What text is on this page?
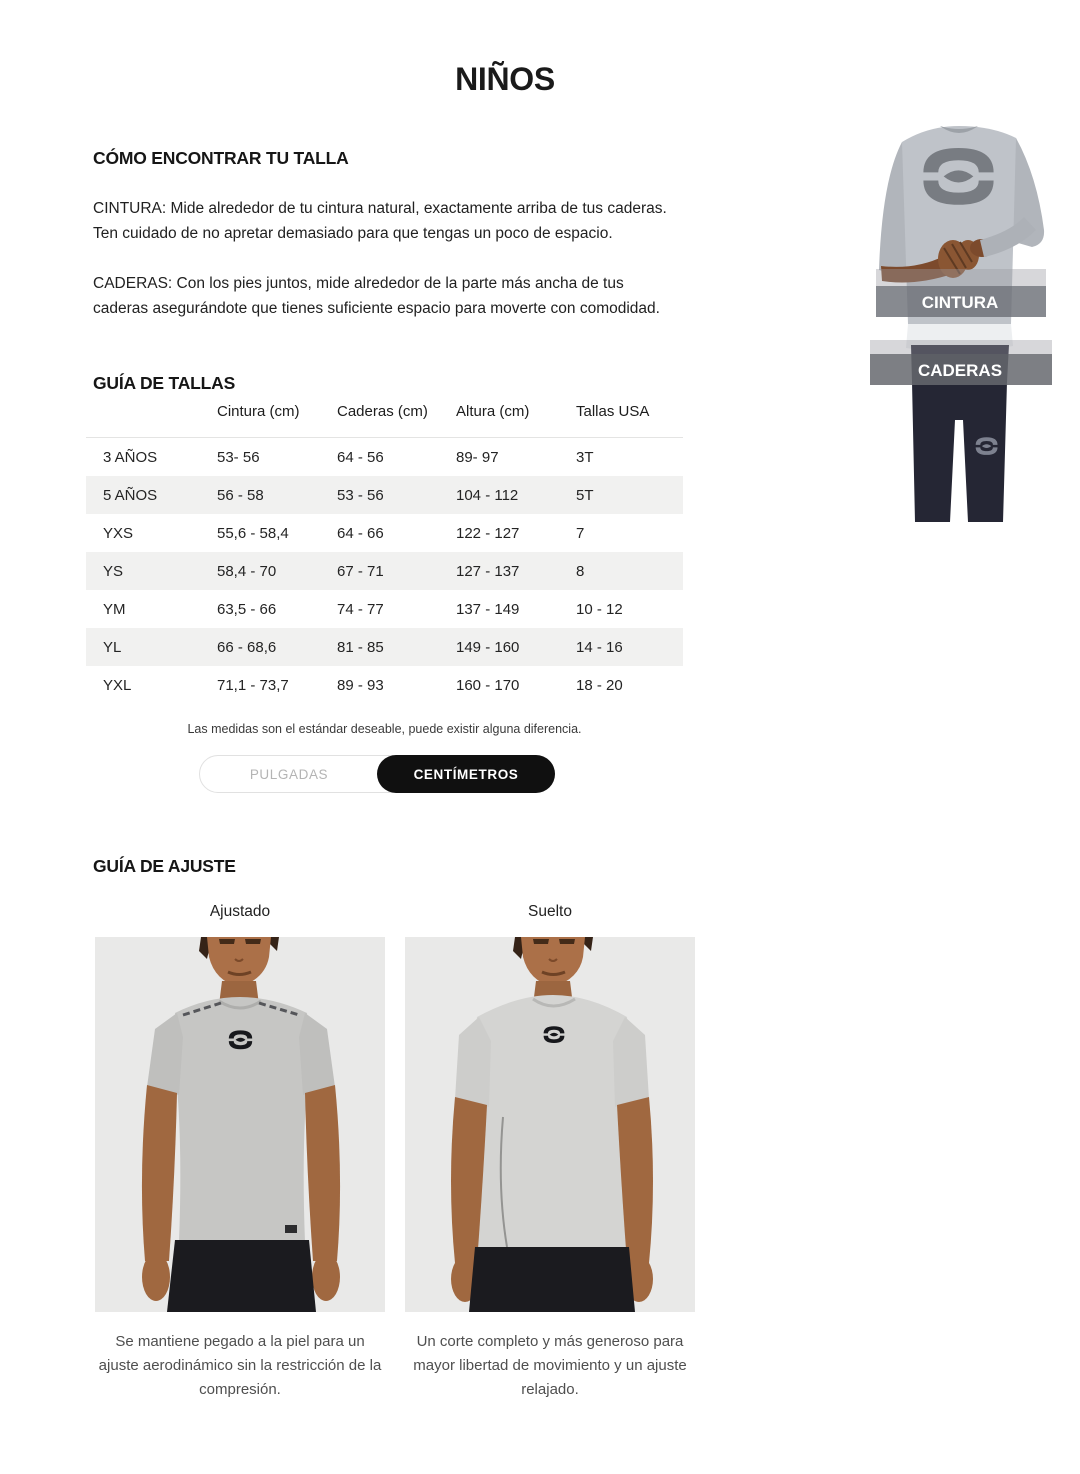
NIÑOS
CÓMO ENCONTRAR TU TALLA

CINTURA: Mide alrededor de tu cintura natural, exactamente arriba de tus caderas. Ten cuidado de no apretar demasiado para que tengas un poco de espacio.

CADERAS: Con los pies juntos, mide alrededor de la parte más ancha de tus caderas asegurándote que tienes suficiente espacio para moverte con comodidad.	CINTURA
CADERAS
GUÍA DE TALLAS
	Cintura (cm)	Caderas (cm)	Altura (cm)	Tallas USA
3 AÑOS	53- 56	64 - 56	89- 97	3T
5 AÑOS	56 - 58	53 - 56	104 - 112	5T
YXS	55,6 - 58,4	64 - 66	122 - 127	7
YS	58,4 - 70	67 - 71	127 - 137	8
YM	63,5 - 66	74 - 77	137 - 149	10 - 12
YL	66 - 68,6	81 - 85	149 - 160	14 - 16
YXL	71,1 - 73,7	89 - 93	160 - 170	18 - 20
Las medidas son el estándar deseable, puede existir alguna diferencia.
PULGADAS	CENTÍMETROS
GUÍA DE AJUSTE
Ajustado	Suelto
Se mantiene pegado a la piel para un ajuste aerodinámico sin la restricción de la compresión.
Un corte completo y más generoso para mayor libertad de movimiento y un ajuste relajado.
